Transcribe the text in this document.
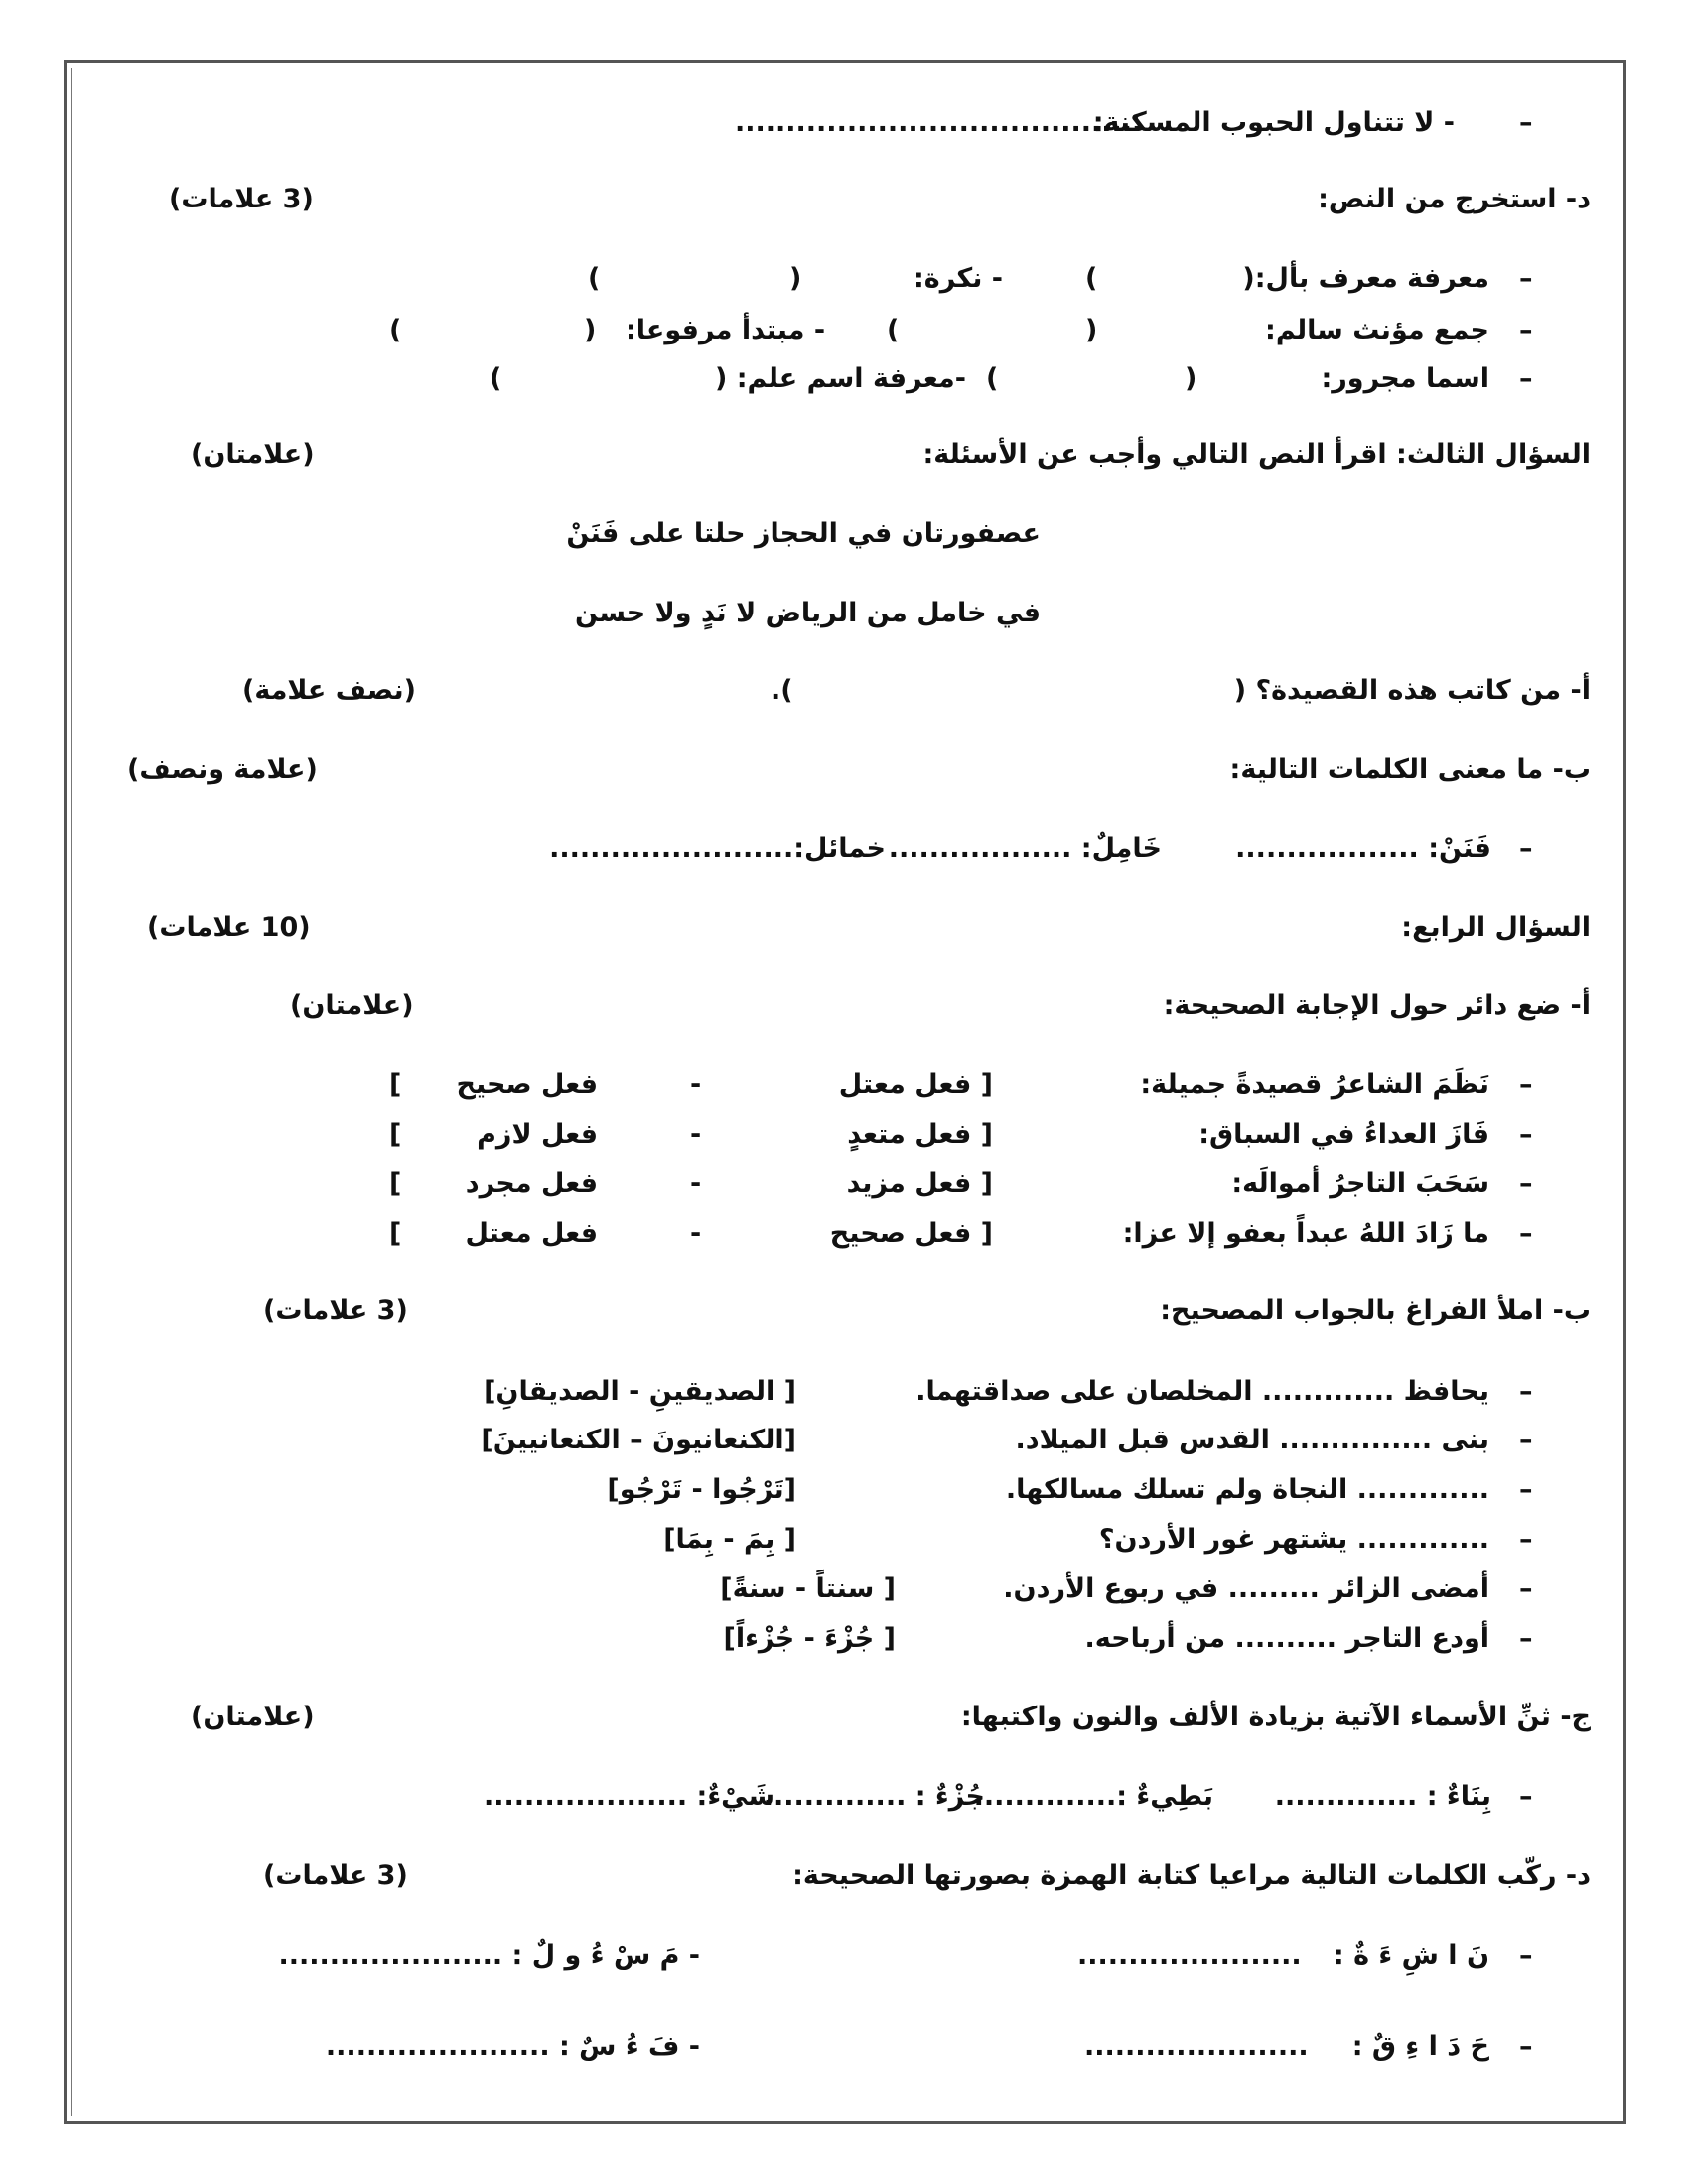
–
- لا تتناول الحبوب المسكنة:
........................................
د- استخرج من النص:
(3 علامات)
–
معرفة معرف بأل:(
)
- نكرة:
(
)
–
جمع مؤنث سالم:
(
)
- مبتدأ مرفوعا:
(
)
–
اسما مجرور:
(
)
-معرفة اسم علم: (
)
السؤال الثالث: اقرأ النص التالي وأجب عن الأسئلة:
(علامتان)
عصفورتان في الحجاز حلتا على فَنَنْ
في خامل من الرياض لا نَدٍ ولا حسن
أ- من كاتب هذه القصيدة؟ (
).
(نصف علامة)
ب- ما معنى الكلمات التالية:
(علامة ونصف)
–
فَنَنْ: ..................
خَامِلٌ: ..................
خمائل:........................
السؤال الرابع:
(10 علامات)
أ- ضع دائر حول الإجابة الصحيحة:
(علامتان)
–
نَظَمَ الشاعرُ قصيدةً جميلة:
[ فعل معتل
-
فعل صحيح
]
–
فَازَ العداءُ في السباق:
[ فعل متعدٍ
-
فعل لازم
]
–
سَحَبَ التاجرُ أموالَه:
[ فعل مزيد
-
فعل مجرد
]
–
ما زَادَ اللهُ عبداً بعفو إلا عزا:
[ فعل صحيح
-
فعل معتل
]
ب- املأ الفراغ بالجواب المصحيح:
(3 علامات)
–
يحافظ ............. المخلصان على صداقتهما.
[ الصديقينِ - الصديقانِ]
–
بنى ............... القدس قبل الميلاد.
[الكنعانيونَ – الكنعانيينَ]
–
............. النجاة ولم تسلك مسالكها.
[تَرْجُوا - تَرْجُو]
–
............. يشتهر غور الأردن؟
[ بِمَ - بِمَا]
–
أمضى الزائر ......... في ربوع الأردن.
[ سنتاً - سنةً]
–
أودع التاجر .......... من أرباحه.
[ جُزْءَ - جُزْءاً]
ج- ثنِّ الأسماء الآتية بزيادة الألف والنون واكتبها:
(علامتان)
–
بِنَاءٌ : ..............
بَطِيءٌ :..............
جُزْءٌ : ..............
شَيْءٌ: ....................
د- ركّب الكلمات التالية مراعيا كتابة الهمزة بصورتها الصحيحة:
(3 علامات)
–
نَ ا شِ ءَ ةٌ :
......................
- مَ سْ ءُ و لٌ : ......................
–
حَ دَ ا ءِ قٌ :
......................
- فَ ءُ سٌ : ......................
